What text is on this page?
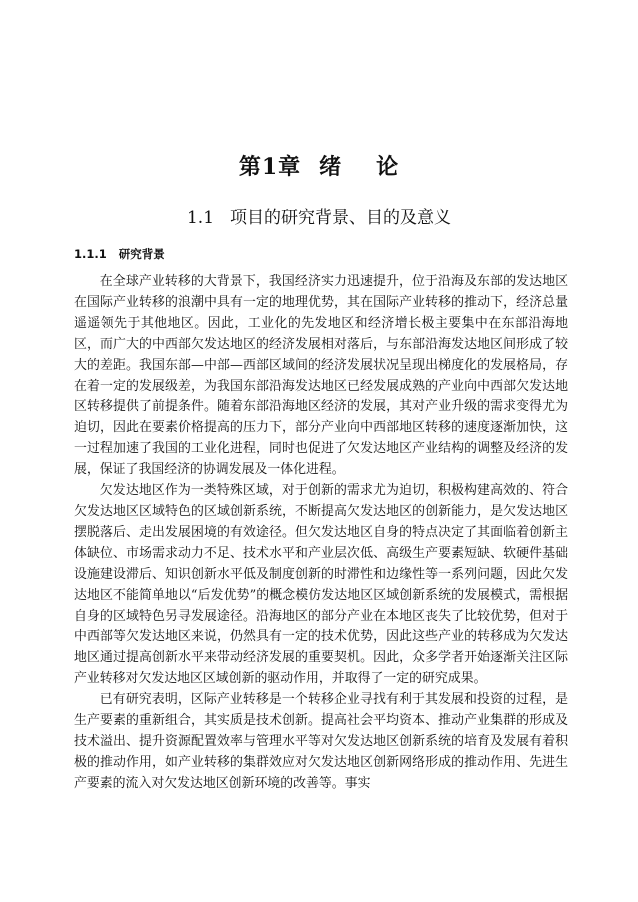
第1章 绪 论
1.1 项目的研究背景、目的及意义
1.1.1 研究背景

在全球产业转移的大背景下，我国经济实力迅速提升，位于沿海及东部的发达地区在国际产业转移的浪潮中具有一定的地理优势，其在国际产业转移的推动下，经济总量遥遥领先于其他地区。因此，工业化的先发地区和经济增长极主要集中在东部沿海地区，而广大的中西部欠发达地区的经济发展相对落后，与东部沿海发达地区间形成了较大的差距。我国东部—中部—西部区域间的经济发展状况呈现出梯度化的发展格局，存在着一定的发展级差，为我国东部沿海发达地区已经发展成熟的产业向中西部欠发达地区转移提供了前提条件。随着东部沿海地区经济的发展，其对产业升级的需求变得尤为迫切，因此在要素价格提高的压力下，部分产业向中西部地区转移的速度逐渐加快，这一过程加速了我国的工业化进程，同时也促进了欠发达地区产业结构的调整及经济的发展，保证了我国经济的协调发展及一体化进程。

欠发达地区作为一类特殊区域，对于创新的需求尤为迫切，积极构建高效的、符合欠发达地区区域特色的区域创新系统，不断提高欠发达地区的创新能力，是欠发达地区摆脱落后、走出发展困境的有效途径。但欠发达地区自身的特点决定了其面临着创新主体缺位、市场需求动力不足、技术水平和产业层次低、高级生产要素短缺、软硬件基础设施建设滞后、知识创新水平低及制度创新的时滞性和边缘性等一系列问题，因此欠发达地区不能简单地以“后发优势”的概念模仿发达地区区域创新系统的发展模式，需根据自身的区域特色另寻发展途径。沿海地区的部分产业在本地区丧失了比较优势，但对于中西部等欠发达地区来说，仍然具有一定的技术优势，因此这些产业的转移成为欠发达地区通过提高创新水平来带动经济发展的重要契机。因此，众多学者开始逐渐关注区际产业转移对欠发达地区区域创新的驱动作用，并取得了一定的研究成果。

已有研究表明，区际产业转移是一个转移企业寻找有利于其发展和投资的过程，是生产要素的重新组合，其实质是技术创新。提高社会平均资本、推动产业集群的形成及技术溢出、提升资源配置效率与管理水平等对欠发达地区创新系统的培育及发展有着积极的推动作用，如产业转移的集群效应对欠发达地区创新网络形成的推动作用、先进生产要素的流入对欠发达地区创新环境的改善等。事实
